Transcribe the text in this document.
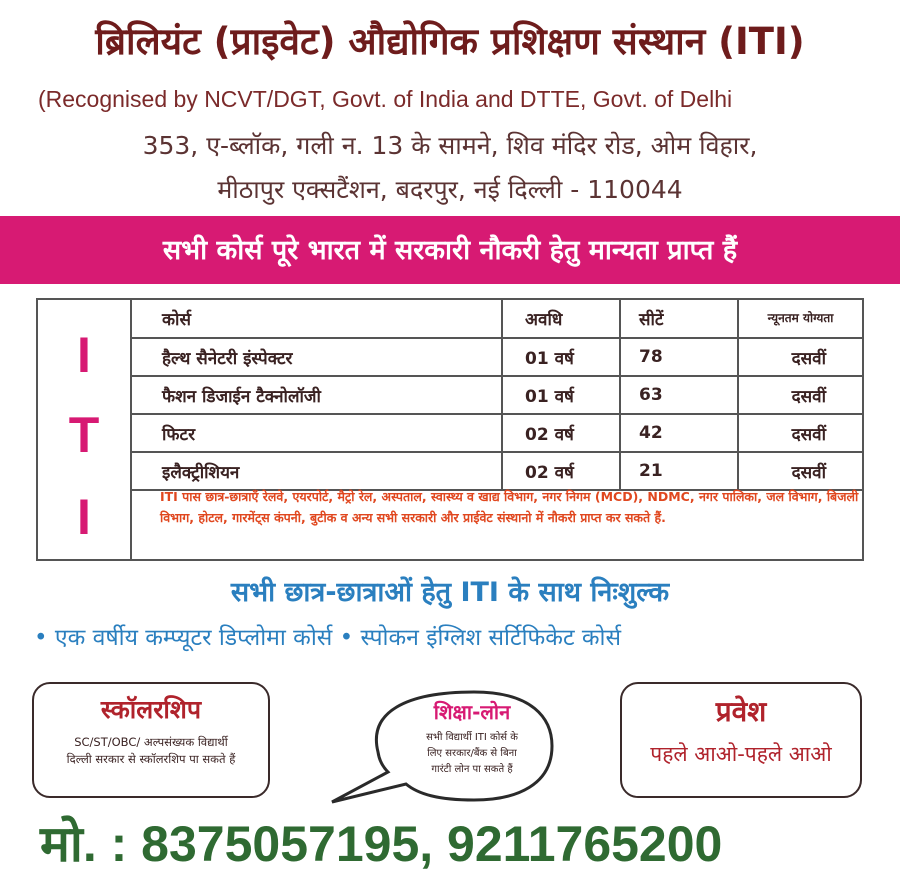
ब्रिलियंट (प्राइवेट) औद्योगिक प्रशिक्षण संस्थान (ITI)
(Recognised by NCVT/DGT, Govt. of India and DTTE, Govt. of Delhi
353, ए-ब्लॉक, गली न. 13 के सामने, शिव मंदिर रोड, ओम विहार,
मीठापुर एक्सटैंशन, बदरपुर, नई दिल्ली - 110044
सभी कोर्स पूरे भारत में सरकारी नौकरी हेतु मान्यता प्राप्त हैं
I
T
I
कोर्स	अवधि	सीटें	न्यूनतम योग्यता
हैल्थ सैनेटरी इंस्पेक्टर	01 वर्ष	78	दसवीं
फैशन डिजाईन टैक्नोलॉजी	01 वर्ष	63	दसवीं
फिटर	02 वर्ष	42	दसवीं
इलैक्ट्रीशियन	02 वर्ष	21	दसवीं
ITI पास छात्र-छात्राएँ रेलवे, एयरपोर्ट, मैट्रो रेल, अस्पताल, स्वास्थ्य व खाद्य विभाग, नगर निगम (MCD), NDMC, नगर पालिका, जल विभाग, बिजली विभाग, होटल, गारमेंट्स कंपनी, बुटीक व अन्य सभी सरकारी और प्राईवेट संस्थानो में नौकरी प्राप्त कर सकते हैं.
सभी छात्र-छात्राओं हेतु ITI के साथ निःशुल्क
• एक वर्षीय कम्प्यूटर डिप्लोमा कोर्स • स्पोकन इंग्लिश सर्टिफिकेट कोर्स
स्कॉलरशिप
SC/ST/OBC/ अल्पसंख्यक विद्यार्थी
दिल्ली सरकार से स्कॉलरशिप पा सकते हैं
शिक्षा-लोन
सभी विद्यार्थी ITI कोर्स के
लिए सरकार/बैंक से बिना
गारंटी लोन पा सकते हैं
प्रवेश
पहले आओ-पहले आओ
मो. : 8375057195, 9211765200
